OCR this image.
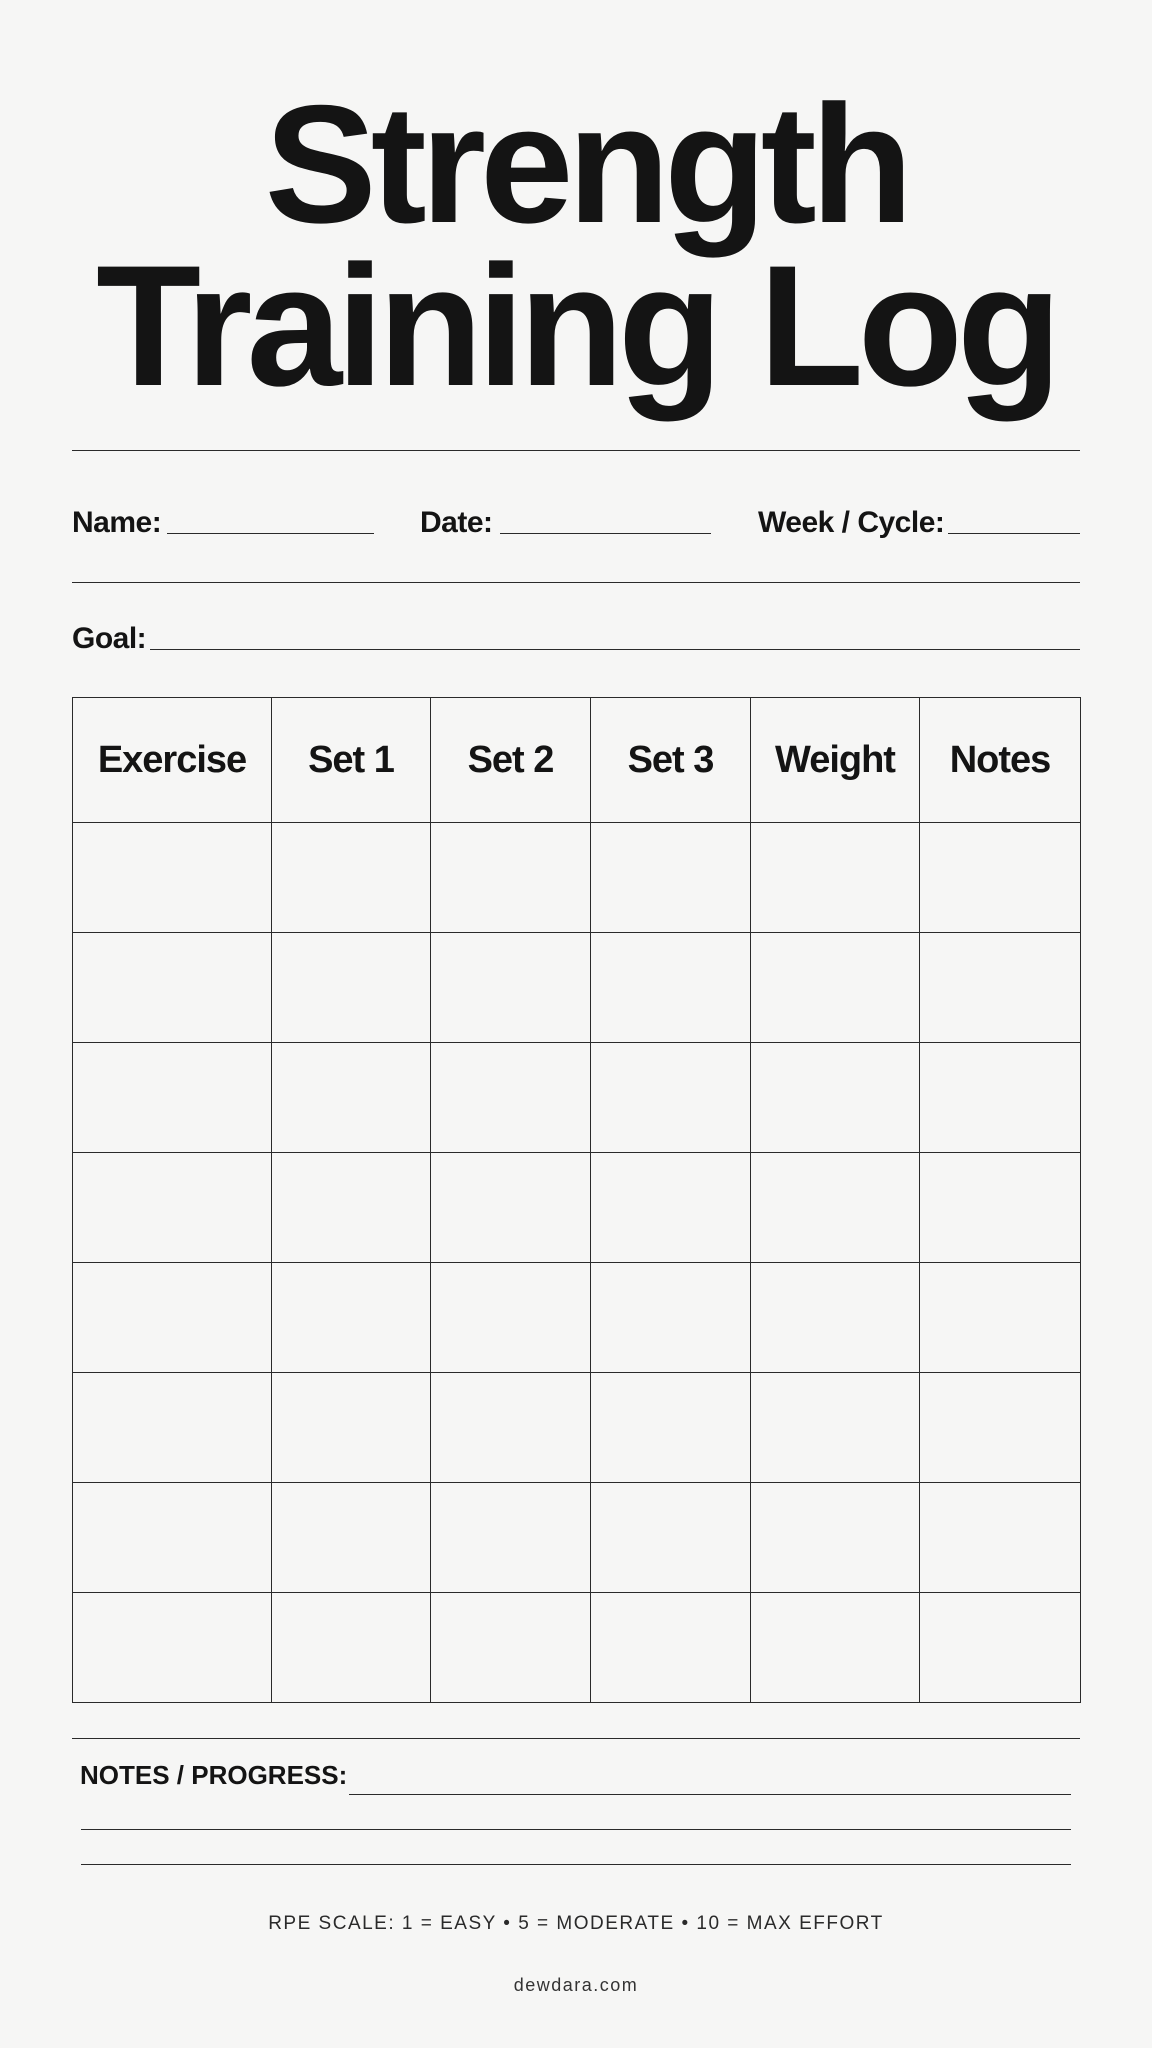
Strength
Training Log
Name:	Date:	Week / Cycle:
Goal:
Exercise	Set 1	Set 2	Set 3	Weight	Notes

NOTES / PROGRESS:
RPE SCALE: 1 = EASY • 5 = MODERATE • 10 = MAX EFFORT
dewdara.com
